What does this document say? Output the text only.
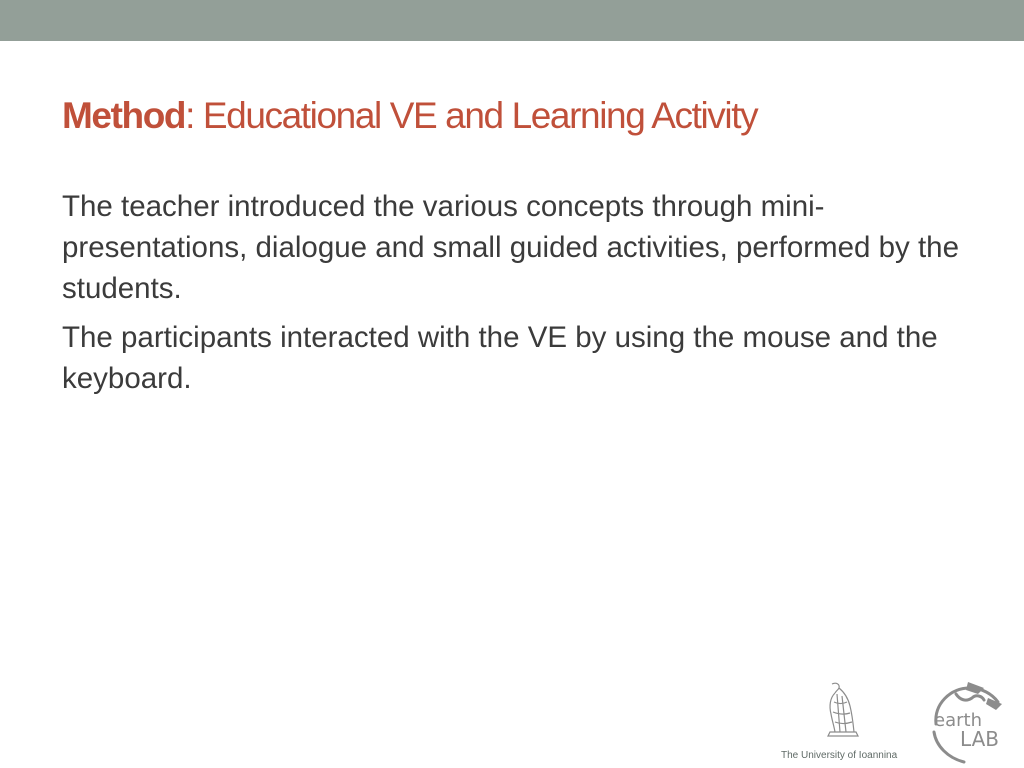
Method: Educational VE and Learning Activity

The teacher introduced the various concepts through mini-presentations, dialogue and small guided activities, performed by the students.

The participants interacted with the VE by using the mouse and the keyboard.

earth
LAB
The University of Ioannina
